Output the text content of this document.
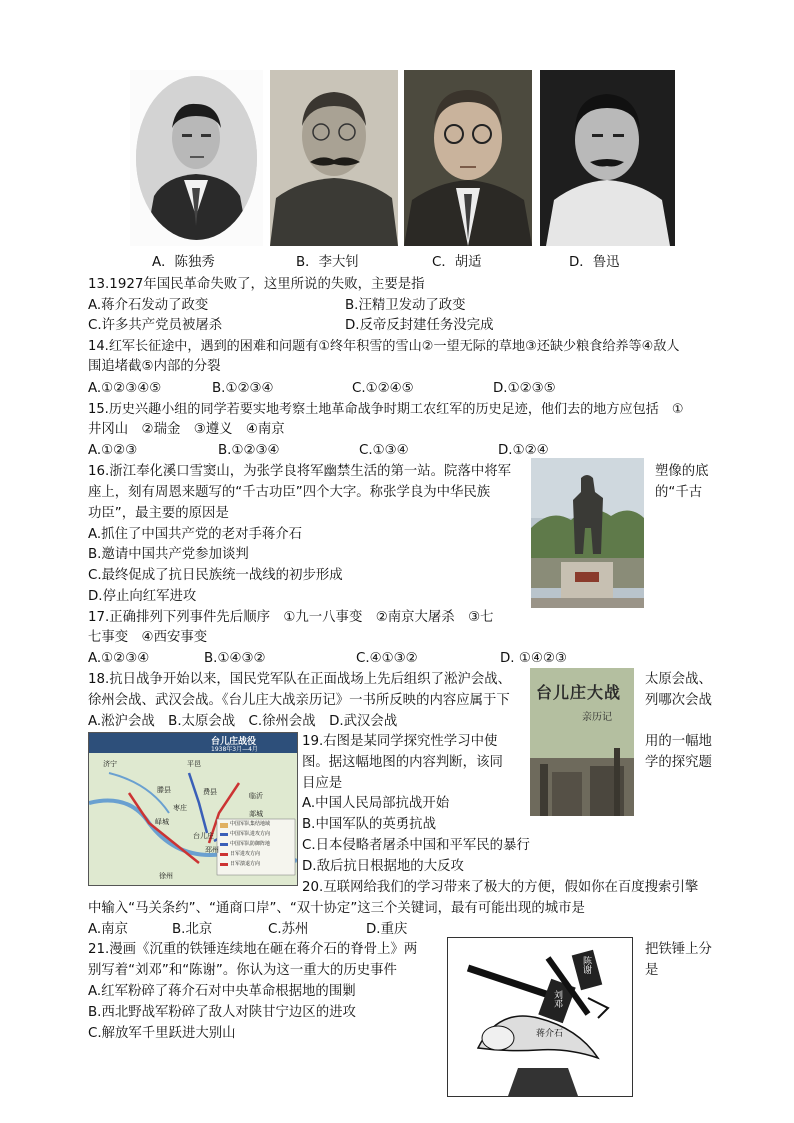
A．陈独秀	B．李大钊	C．胡适	D．鲁迅
13.1927年国民革命失败了，这里所说的失败，主要是指
A.蒋介石发动了政变	B.汪精卫发动了政变
C.许多共产党员被屠杀	D.反帝反封建任务没完成
14.红军长征途中，遇到的困难和问题有①终年积雪的雪山②一望无际的草地③还缺少粮食给养等④敌人
围追堵截⑤内部的分裂
A.①②③④⑤	B.①②③④	C.①②④⑤	D.①②③⑤
15.历史兴趣小组的同学若要实地考察土地革命战争时期工农红军的历史足迹，他们去的地方应包括　①
井冈山　②瑞金　③遵义　④南京
A.①②③	B.①②③④	C.①③④	D.①②④
16.浙江奉化溪口雪窦山，为张学良将军幽禁生活的第一站。院落中将军	塑像的底
座上，刻有周恩来题写的“千古功臣”四个大字。称张学良为中华民族	的“千古
功臣”，最主要的原因是
A.抓住了中国共产党的老对手蒋介石
B.邀请中国共产党参加谈判
C.最终促成了抗日民族统一战线的初步形成
D.停止向红军进攻
17.正确排列下列事件先后顺序　①九一八事变　②南京大屠杀　③七
七事变　④西安事变
A.①②③④	B.①④③②	C.④①③②	D. ①④②③
台儿庄大战
亲历记
18.抗日战争开始以来，国民党军队在正面战场上先后组织了淞沪会战、	太原会战、
徐州会战、武汉会战。《台儿庄大战亲历记》一书所反映的内容应属于下	列哪次会战
A.淞沪会战　B.太原会战　C.徐州会战　D.武汉会战
台儿庄战役
1938年3月—4月
济宁	平邑
滕县
枣庄
费县	临沂
峄城
台儿庄
邳州
徐州
郯城
中国军队集结地域
中国军队进攻方向
中国军队防御阵地
日军进攻方向
日军溃退方向
19.右图是某同学探究性学习中使	用的一幅地
图。据这幅地图的内容判断，该同	学的探究题
目应是
A.中国人民局部抗战开始
B.中国军队的英勇抗战
C.日本侵略者屠杀中国和平军民的暴行
D.敌后抗日根据地的大反攻
20.互联网给我们的学习带来了极大的方便，假如你在百度搜索引擎
中输入“马关条约”、“通商口岸”、“双十协定”这三个关键词，最有可能出现的城市是
A.南京	B.北京	C.苏州	D.重庆
刘邓
陈谢
蒋介石
21.漫画《沉重的铁锤连续地在砸在蒋介石的脊骨上》两	把铁锤上分
别写着“刘邓”和“陈谢”。你认为这一重大的历史事件	是
A.红军粉碎了蒋介石对中央革命根据地的围剿
B.西北野战军粉碎了敌人对陕甘宁边区的进攻
C.解放军千里跃进大别山
